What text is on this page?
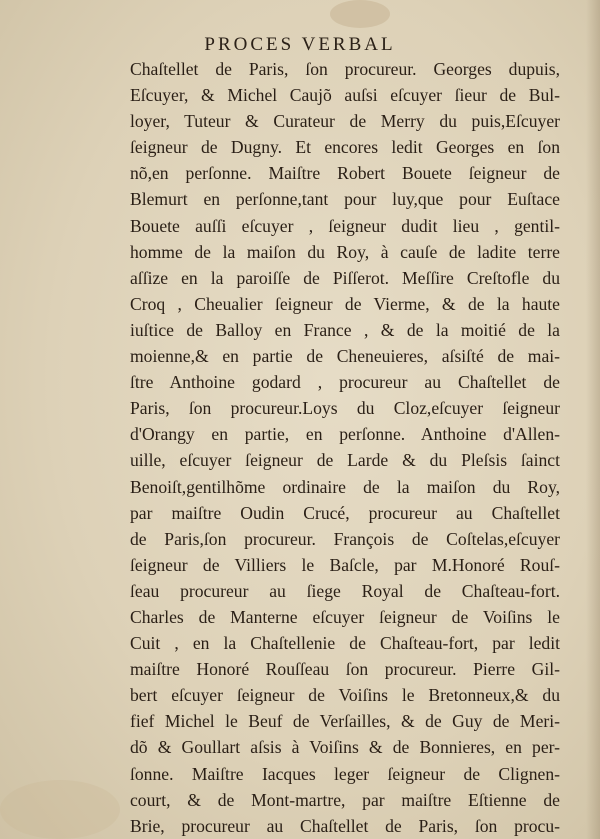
PROCES VERBAL
Chaſtellet de Paris, ſon procureur. Georges dupuis,
Eſcuyer, & Michel Caujõ auſsi eſcuyer ſieur de Bul-
loyer, Tuteur & Curateur de Merry du puis,Eſcuyer
ſeigneur de Dugny. Et encores ledit Georges en ſon
nõ,en perſonne. Maiſtre Robert Bouete ſeigneur de
Blemurt en perſonne,tant pour luy,que pour Euſtace
Bouete auſſi eſcuyer , ſeigneur dudit lieu , gentil-
homme de la maiſon du Roy, à cauſe de ladite terre
aſſize en la paroiſſe de Piſſerot. Meſſire Creſtofle du
Croq , Cheualier ſeigneur de Vierme, & de la haute
iuſtice de Balloy en France , & de la moitié de la
moienne,& en partie de Cheneuieres, aſsiſté de mai-
ſtre Anthoine godard , procureur au Chaſtellet de
Paris, ſon procureur.Loys du Cloz,eſcuyer ſeigneur
d'Orangy en partie, en perſonne. Anthoine d'Allen-
uille, eſcuyer ſeigneur de Larde & du Pleſsis ſainct
Benoiſt,gentilhõme ordinaire de la maiſon du Roy,
par maiſtre Oudin Crucé, procureur au Chaſtellet
de Paris,ſon procureur. François de Coſtelas,eſcuyer
ſeigneur de Villiers le Baſcle, par M.Honoré Rouſ-
ſeau procureur au ſiege Royal de Chaſteau-fort.
Charles de Manterne eſcuyer ſeigneur de Voiſins le
Cuit , en la Chaſtellenie de Chaſteau-fort, par ledit
maiſtre Honoré Rouſſeau ſon procureur. Pierre Gil-
bert eſcuyer ſeigneur de Voiſins le Bretonneux,& du
fief Michel le Beuf de Verſailles, & de Guy de Meri-
dõ & Goullart aſsis à Voiſins & de Bonnieres, en per-
ſonne. Maiſtre Iacques leger ſeigneur de Clignen-
court, & de Mont-martre, par maiſtre Eſtienne de
Brie, procureur au Chaſtellet de Paris, ſon procu-
